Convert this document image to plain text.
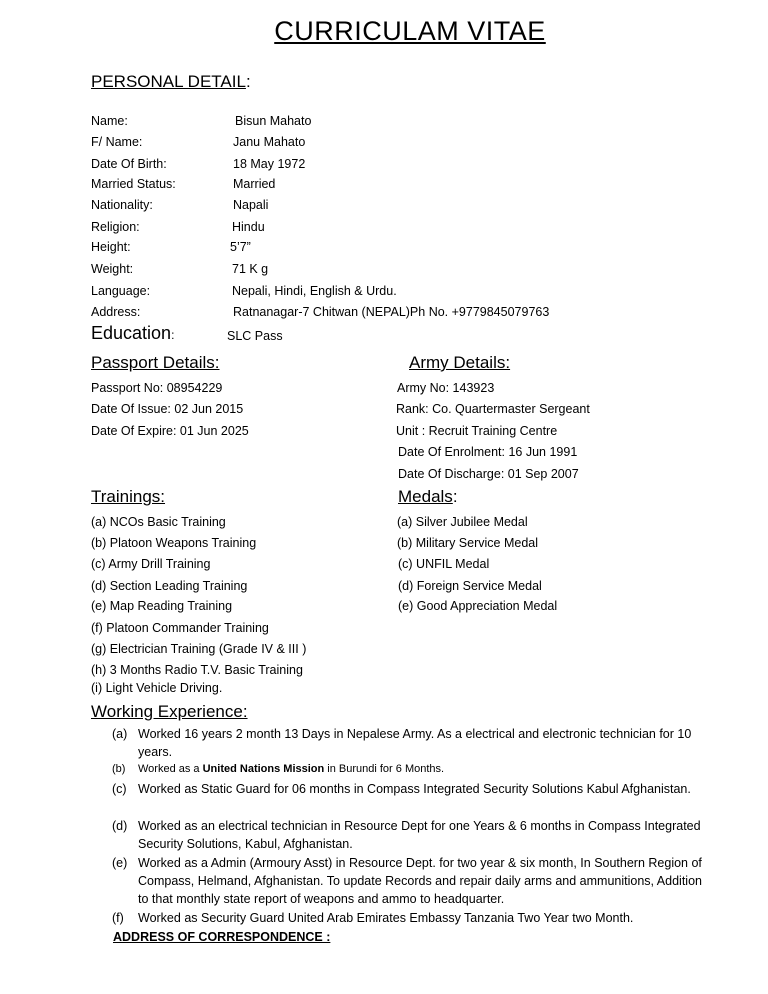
CURRICULAM VITAE
PERSONAL DETAIL:
Name:	Bisun Mahato
F/ Name:	Janu Mahato
Date Of Birth:	18 May 1972
Married Status:	Married
Nationality:	Napali
Religion:	Hindu
Height:	5’7”
Weight:	71 K g
Language:	Nepali, Hindi, English & Urdu.
Address:	Ratnanagar-7 Chitwan (NEPAL)Ph No. +9779845079763
Education:	SLC Pass
Passport Details:
Passport No: 08954229
Date Of Issue: 02 Jun 2015
Date Of Expire: 01 Jun 2025
Army Details:
Army No: 143923
Rank: Co. Quartermaster Sergeant
Unit : Recruit Training Centre
Date Of Enrolment: 16 Jun 1991
Date Of Discharge: 01 Sep 2007
Trainings:
(a) NCOs Basic Training
(b) Platoon Weapons Training
(c) Army Drill Training
(d) Section Leading Training
(e) Map Reading Training
(f) Platoon Commander Training
(g) Electrician Training (Grade IV & III )
(h) 3 Months Radio T.V. Basic Training
(i) Light Vehicle Driving.
Medals:
(a) Silver Jubilee Medal
(b) Military Service Medal
(c) UNFIL Medal
(d) Foreign Service Medal
(e) Good Appreciation Medal
Working Experience:
(a) Worked 16 years 2 month 13 Days in Nepalese Army. As a electrical and electronic technician for 10 years.
(b) Worked as a United Nations Mission in Burundi for 6 Months.
(c) Worked as Static Guard for 06 months in Compass Integrated Security Solutions Kabul Afghanistan.
(d) Worked as an electrical technician in Resource Dept for one Years & 6 months in Compass Integrated Security Solutions, Kabul, Afghanistan.
(e) Worked as a Admin (Armoury Asst) in Resource Dept. for two year & six month, In Southern Region of Compass, Helmand, Afghanistan. To update Records and repair daily arms and ammunitions, Addition to that monthly state report of weapons and ammo to headquarter.
(f) Worked as Security Guard United Arab Emirates Embassy Tanzania Two Year two Month.
ADDRESS OF CORRESPONDENCE :
